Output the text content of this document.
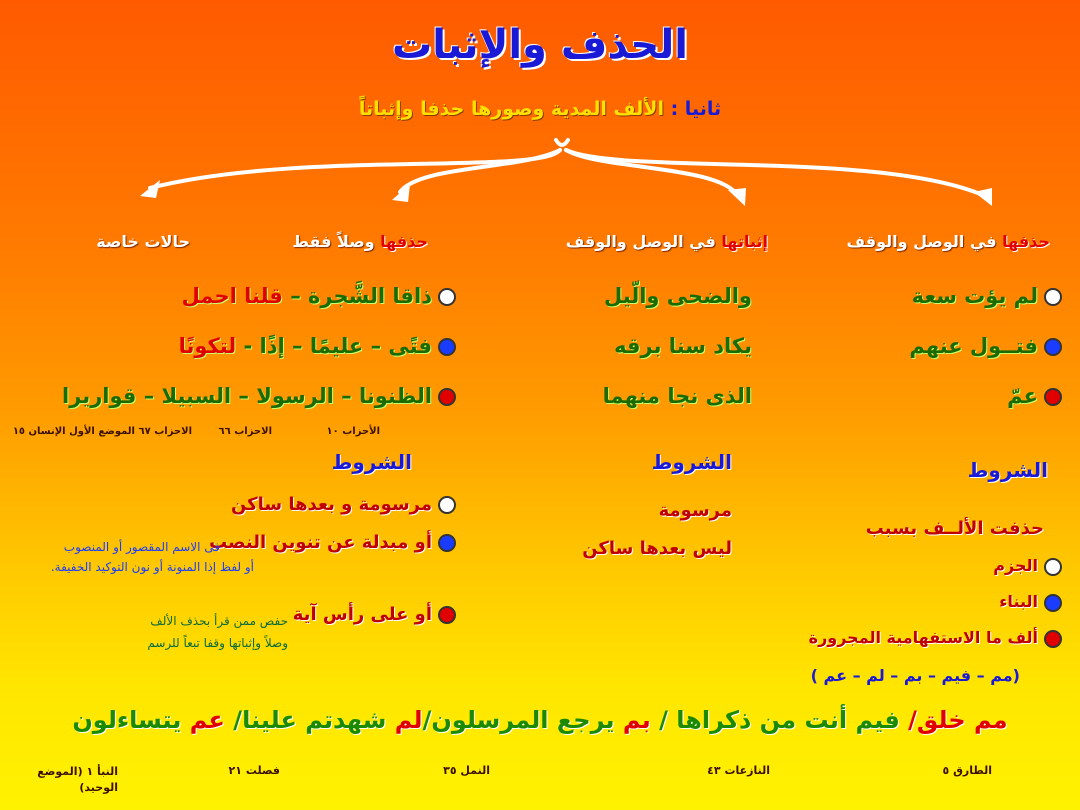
الحذف والإثبات
ثانيا : الألف المدية وصورها حذفا وإثباتاً
حذفها في الوصل والوقف
إثباتها في الوصل والوقف
حذفها وصلاً فقط
حالات خاصة
لم يؤت سعة
فتــول عنهم
عمّ
والضحى والّيل
يكاد سنا برقه
الذى نجا منهما
ذاقا الشَّجرة – قلنا احمل
فتًى – عليمًا – إذًا - لتكونًا
الظنونا – الرسولا – السبيلا – قواريرا
الأحزاب ١٠
الاحزاب ٦٦
الاحزاب ٦٧
الموضع الأول الإنسان ١٥
الشروط
الشروط
الشروط
حذفت الألــف بسبب
الجزم
البناء
ألف ما الاستفهامية المجرورة
(مم – فيم – بم – لم – عم )
مرسومة
ليس بعدها ساكن
مرسومة و بعدها ساكن
أو مبدلة عن تنوين النصب
فى الاسم المقصور أو المنصوب
أو لفظ إذا المنونة أو نون التوكيد الخفيفة.
أو على رأس آية
حفص ممن قرأ بحذف الألف
وصلاً وإثباتها وقفا تبعاً للرسم
مم خلق/ فيم أنت من ذكراها / بم يرجع المرسلون/لم شهدتم علينا/ عم يتساءلون
الطارق ٥
النازعات ٤٣
النمل ٣٥
فصلت ٢١
النبأ ١ (الموضع الوحيد)
